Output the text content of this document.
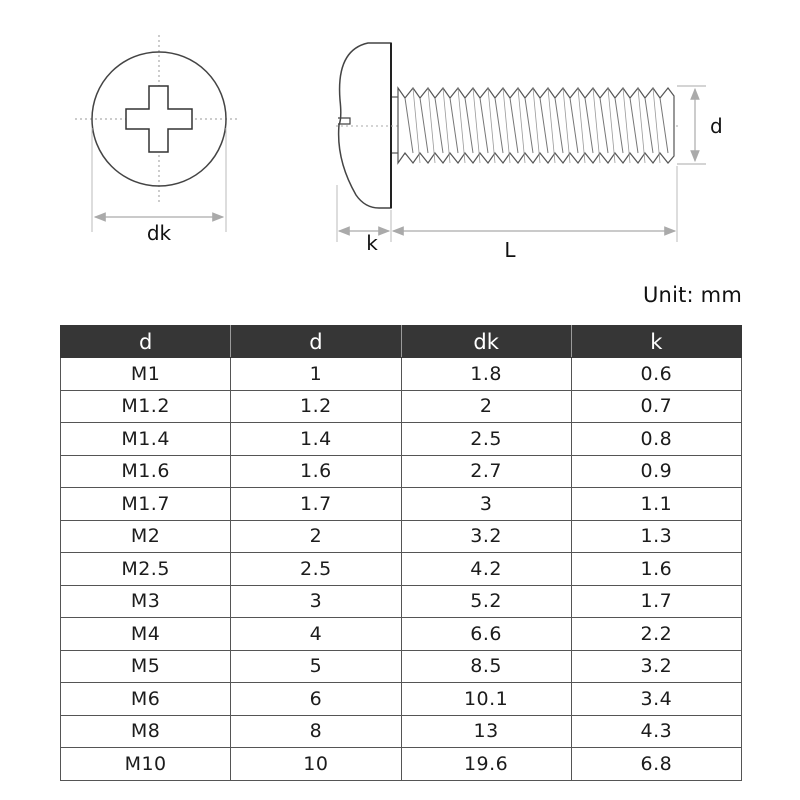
dk
d
k	L
Unit: mm
d	d	dk	k
M1	1	1.8	0.6
M1.2	1.2	2	0.7
M1.4	1.4	2.5	0.8
M1.6	1.6	2.7	0.9
M1.7	1.7	3	1.1
M2	2	3.2	1.3
M2.5	2.5	4.2	1.6
M3	3	5.2	1.7
M4	4	6.6	2.2
M5	5	8.5	3.2
M6	6	10.1	3.4
M8	8	13	4.3
M10	10	19.6	6.8
